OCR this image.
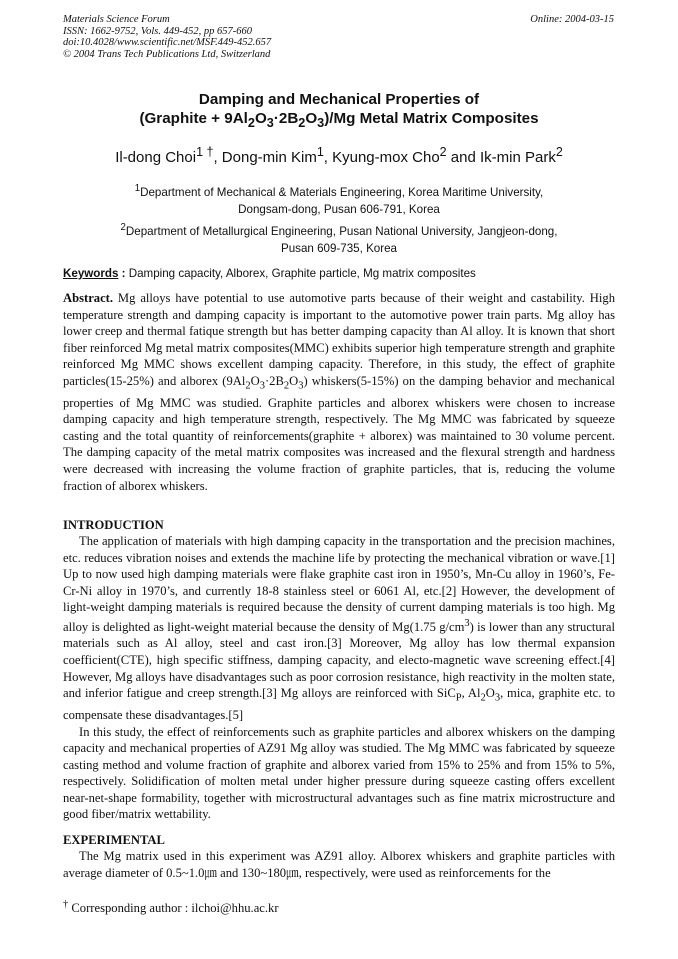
Materials Science Forum
ISSN: 1662-9752, Vols. 449-452, pp 657-660
doi:10.4028/www.scientific.net/MSF.449-452.657
© 2004 Trans Tech Publications Ltd, Switzerland
Online: 2004-03-15
Damping and Mechanical Properties of
(Graphite + $9Al_2O_3\cdot 2B_2O_3)/Mg$ Metal Matrix Composites
Il-dong Choi$^{1 \dagger}$, Dong-min Kim$^1$, Kyung-mox Cho$^2$ and Ik-min Park$^2$
$^1$Department of Mechanical & Materials Engineering, Korea Maritime University,
Dongsam-dong, Pusan 606-791, Korea
$^2$Department of Metallurgical Engineering, Pusan National University, Jangjeon-dong,
Pusan 609-735, Korea
Keywords : Damping capacity, Alborex, Graphite particle, Mg matrix composites
Abstract. Mg alloys have potential to use automotive parts because of their weight and castability. High temperature strength and damping capacity is important to the automotive power train parts. Mg alloy has lower creep and thermal fatique strength but has better damping capacity than Al alloy. It is known that short fiber reinforced Mg metal matrix composites(MMC) exhibits superior high temperature strength and graphite reinforced Mg MMC shows excellent damping capacity. Therefore, in this study, the effect of graphite particles(15-25%) and alborex $(9Al_2O_3\cdot 2B_2O_3)$ whiskers(5-15%) on the damping behavior and mechanical properties of Mg MMC was studied. Graphite particles and alborex whiskers were chosen to increase damping capacity and high temperature strength, respectively. The Mg MMC was fabricated by squeeze casting and the total quantity of reinforcements(graphite + alborex) was maintained to 30 volume percent. The damping capacity of the metal matrix composites was increased and the flexural strength and hardness were decreased with increasing the volume fraction of graphite particles, that is, reducing the volume fraction of alborex whiskers.
INTRODUCTION
The application of materials with high damping capacity in the transportation and the precision machines, etc. reduces vibration noises and extends the machine life by protecting the mechanical vibration or wave.[1] Up to now used high damping materials were flake graphite cast iron in 1950’s, Mn-Cu alloy in 1960’s, Fe-Cr-Ni alloy in 1970’s, and currently 18-8 stainless steel or 6061 Al, etc.[2] However, the development of light-weight damping materials is required because the density of current damping materials is too high. Mg alloy is delighted as light-weight material because the density of Mg(1.75 $g/cm^3$) is lower than any structural materials such as Al alloy, steel and cast iron.[3] Moreover, Mg alloy has low thermal expansion coefficient(CTE), high specific stiffness, damping capacity, and electo-magnetic wave screening effect.[4] However, Mg alloys have disadvantages such as poor corrosion resistance, high reactivity in the molten state, and inferior fatigue and creep strength.[3] Mg alloys are reinforced with SiC$_P$, $Al_2O_3$, mica, graphite etc. to compensate these disadvantages.[5]
In this study, the effect of reinforcements such as graphite particles and alborex whiskers on the damping capacity and mechanical properties of AZ91 Mg alloy was studied. The Mg MMC was fabricated by squeeze casting method and volume fraction of graphite and alborex varied from 15% to 25% and from 15% to 5%, respectively. Solidification of molten metal under higher pressure during squeeze casting offers excellent near-net-shape formability, together with microstructural advantages such as fine matrix microstructure and good fiber/matrix wettability.
EXPERIMENTAL
The Mg matrix used in this experiment was AZ91 alloy. Alborex whiskers and graphite particles with average diameter of 0.5~1.0㎛ and 130~180㎛, respectively, were used as reinforcements for the
† Corresponding author : ilchoi@hhu.ac.kr
